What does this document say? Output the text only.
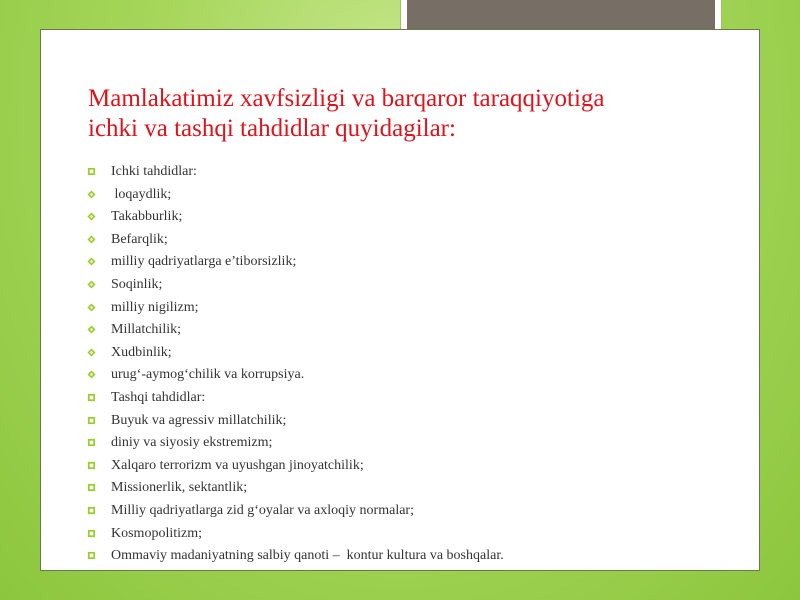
Mamlakatimiz xavfsizligi va barqaror taraqqiyotiga
ichki va tashqi tahdidlar quyidagilar:
Ichki tahdidlar:
loqaydlik;
Takabburlik;
Befarqlik;
milliy qadriyatlarga e’tiborsizlik;
Soqinlik;
milliy nigilizm;
Millatchilik;
Xudbinlik;
urug‘-aymog‘chilik va korrupsiya.
Tashqi tahdidlar:
Buyuk va agressiv millatchilik;
diniy va siyosiy ekstremizm;
Xalqaro terrorizm va uyushgan jinoyatchilik;
Missionerlik, sektantlik;
Milliy qadriyatlarga zid g‘oyalar va axloqiy normalar;
Kosmopolitizm;
Ommaviy madaniyatning salbiy qanoti –  kontur kultura va boshqalar.
